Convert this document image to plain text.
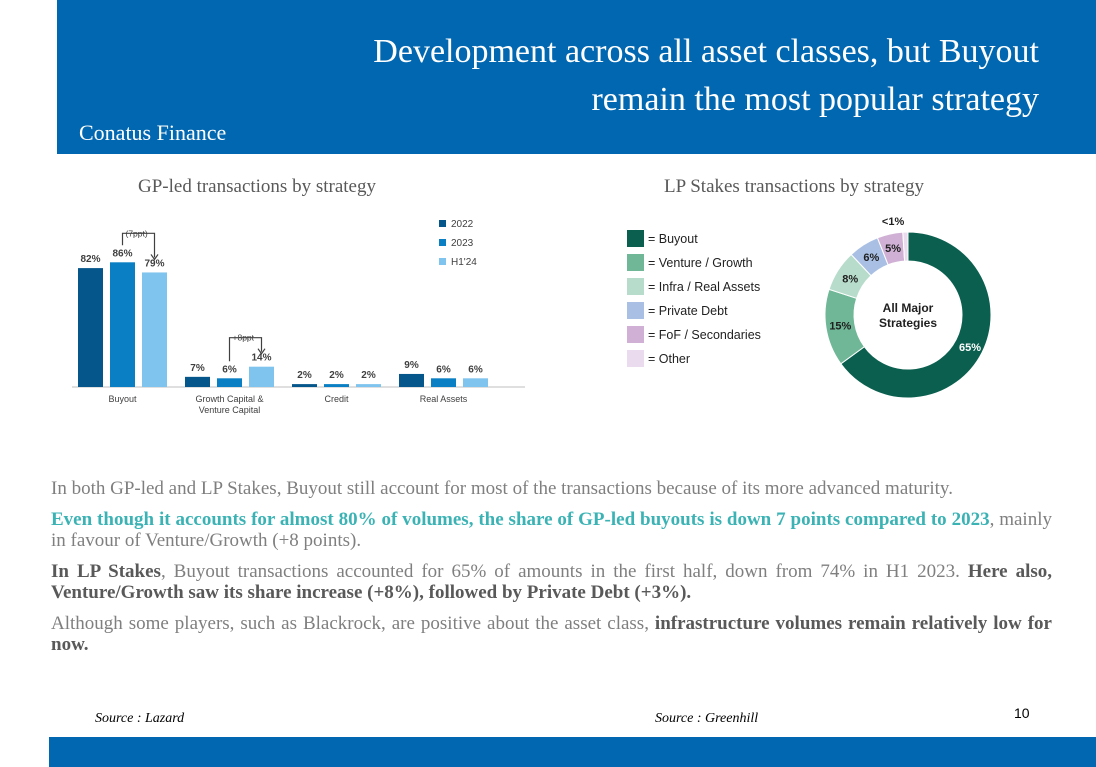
Development across all asset classes, but Buyout
remain the most popular strategy
Conatus Finance
GP-led transactions by strategy	LP Stakes transactions by strategy
82%
86%
79%
Buyout
7% 6%
14%
Growth Capital &
Venture Capital
2% 2% 2%
Credit
9% 6% 6%
Real Assets
(7ppt)
+8ppt
2022
2023
H1'24
= Buyout
= Venture / Growth
= Infra / Real Assets
= Private Debt
= FoF / Secondaries
= Other
65%
15%
8%
6%
5%
<1%
All Major
Strategies

In both GP-led and LP Stakes, Buyout still account for most of the transactions because of its more advanced maturity.

Even though it accounts for almost 80% of volumes, the share of GP-led buyouts is down 7 points compared to 2023, mainly in favour of Venture/Growth (+8 points).

In LP Stakes, Buyout transactions accounted for 65% of amounts in the first half, down from 74% in H1 2023. Here also, Venture/Growth saw its share increase (+8%), followed by Private Debt (+3%).

Although some players, such as Blackrock, are positive about the asset class, infrastructure volumes remain relatively low for now.

Source : Lazard	Source : Greenhill	10
